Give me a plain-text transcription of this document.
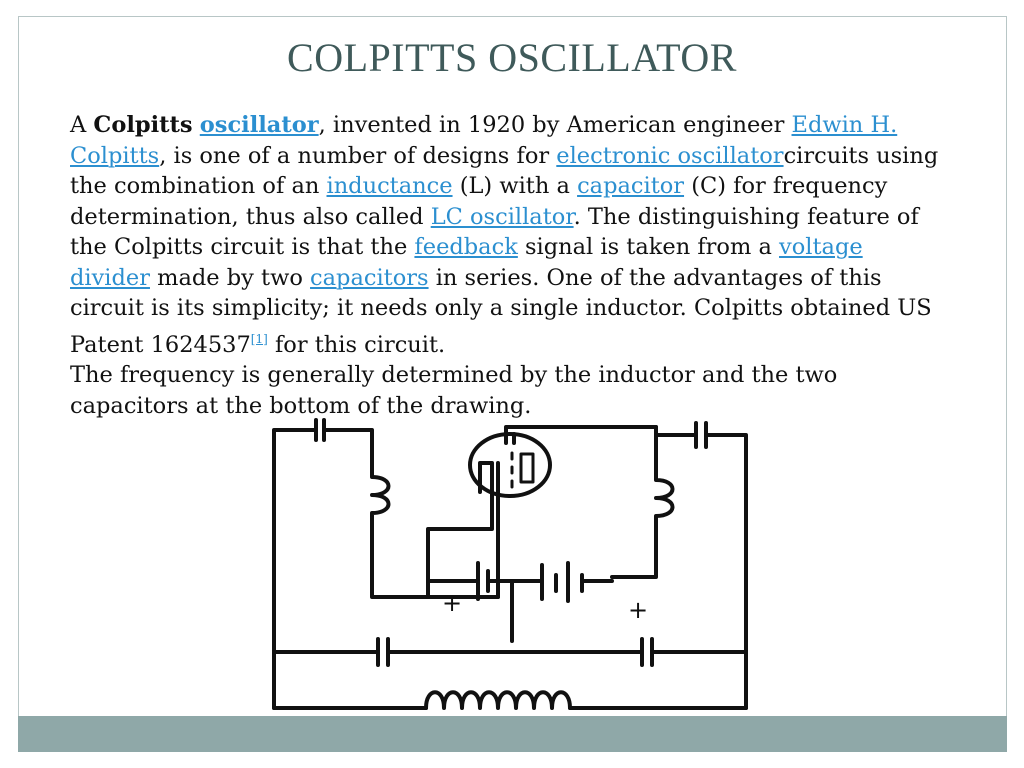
COLPITTS OSCILLATOR

A Colpitts oscillator, invented in 1920 by American engineer Edwin H. Colpitts, is one of a number of designs for electronic oscillatorcircuits using the combination of an inductance (L) with a capacitor (C) for frequency determination, thus also called LC oscillator. The distinguishing feature of the Colpitts circuit is that the feedback signal is taken from a voltage divider made by two capacitors in series. One of the advantages of this circuit is its simplicity; it needs only a single inductor. Colpitts obtained US Patent 1624537[1] for this circuit.

The frequency is generally determined by the inductor and the two capacitors at the bottom of the drawing.

+	+
